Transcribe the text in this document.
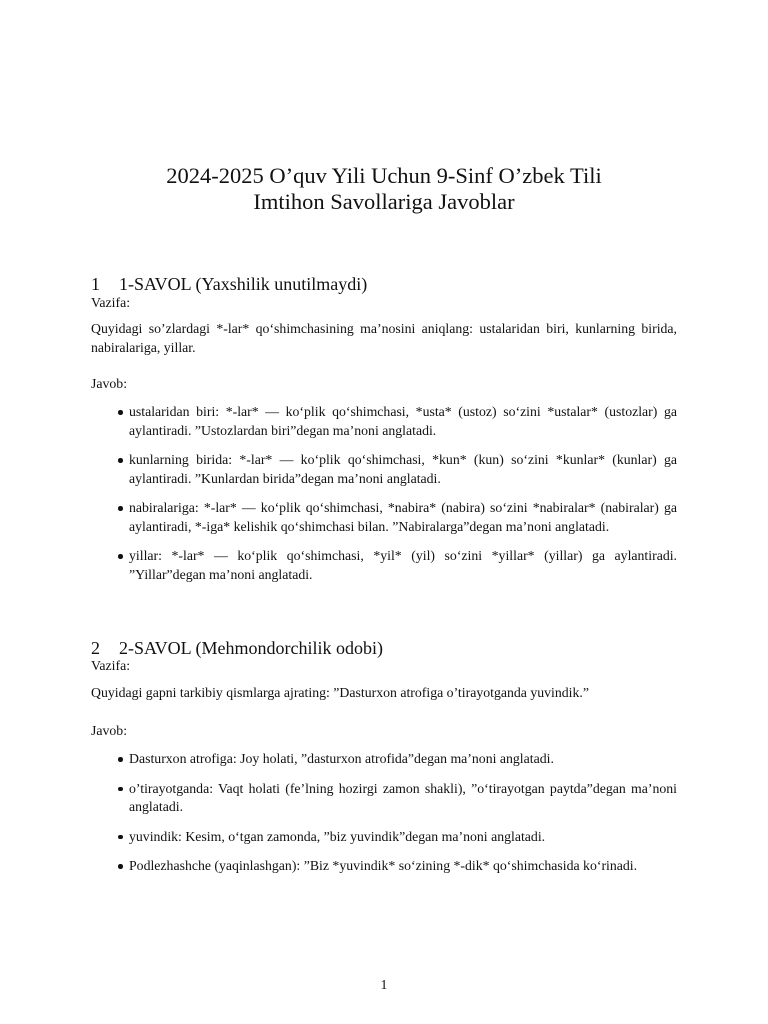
2024-2025 O’quv Yili Uchun 9-Sinf O’zbek Tili
Imtihon Savollariga Javoblar
1 1-SAVOL (Yaxshilik unutilmaydi)
Vazifa:
Quyidagi so’zlardagi *-lar* qo‘shimchasining ma’nosini aniqlang: ustalaridan biri, kunlarning birida, nabiralariga, yillar.
Javob:
ustalaridan biri: *-lar* — ko‘plik qo‘shimchasi, *usta* (ustoz) so‘zini *ustalar* (ustozlar) ga aylantiradi. ”Ustozlardan biri”degan ma’noni anglatadi.
kunlarning birida: *-lar* — ko‘plik qo‘shimchasi, *kun* (kun) so‘zini *kunlar* (kunlar) ga aylantiradi. ”Kunlardan birida”degan ma’noni anglatadi.
nabiralariga: *-lar* — ko‘plik qo‘shimchasi, *nabira* (nabira) so‘zini *nabiralar* (nabiralar) ga aylantiradi, *-iga* kelishik qo‘shimchasi bilan. ”Nabiralarga”degan ma’noni anglatadi.
yillar: *-lar* — ko‘plik qo‘shimchasi, *yil* (yil) so‘zini *yillar* (yillar) ga aylantiradi. ”Yillar”degan ma’noni anglatadi.
2 2-SAVOL (Mehmondorchilik odobi)
Vazifa:
Quyidagi gapni tarkibiy qismlarga ajrating: ”Dasturxon atrofiga o’tirayotganda yuvindik.”
Javob:
Dasturxon atrofiga: Joy holati, ”dasturxon atrofida”degan ma’noni anglatadi.
o’tirayotganda: Vaqt holati (fe’lning hozirgi zamon shakli), ”o‘tirayotgan paytda”degan ma’noni anglatadi.
yuvindik: Kesim, o‘tgan zamonda, ”biz yuvindik”degan ma’noni anglatadi.
Podlezhashche (yaqinlashgan): ”Biz *yuvindik* so‘zining *-dik* qo‘shimchasida ko‘rinadi.
1
